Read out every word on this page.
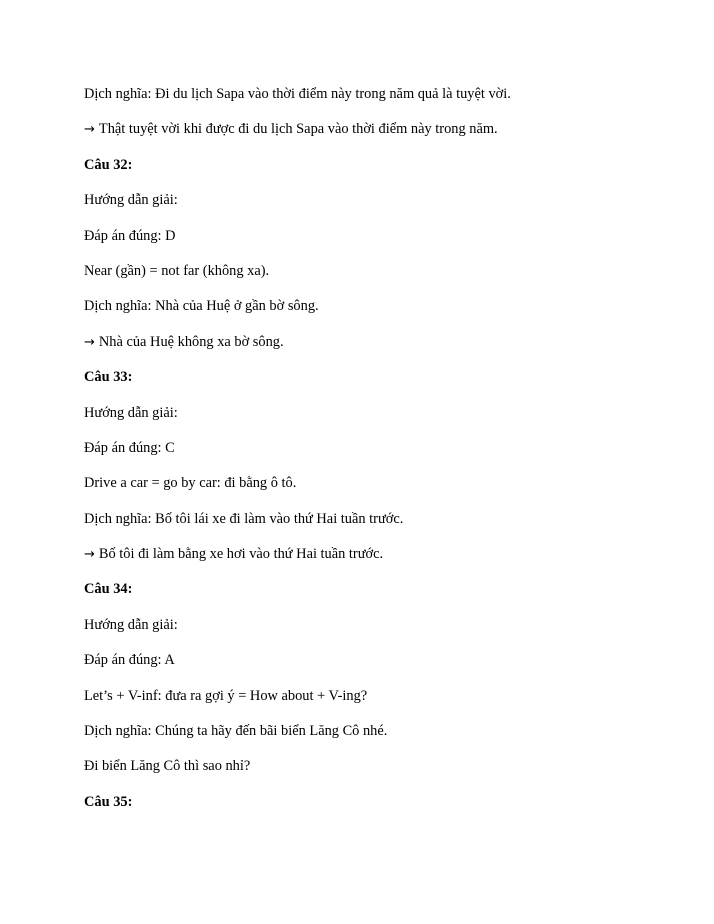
Dịch nghĩa: Đi du lịch Sapa vào thời điểm này trong năm quả là tuyệt vời.
→ Thật tuyệt vời khi được đi du lịch Sapa vào thời điểm này trong năm.
Câu 32:
Hướng dẫn giải:
Đáp án đúng: D
Near (gần) = not far (không xa).
Dịch nghĩa: Nhà của Huệ ở gần bờ sông.
→ Nhà của Huệ không xa bờ sông.
Câu 33:
Hướng dẫn giải:
Đáp án đúng: C
Drive a car = go by car: đi bằng ô tô.
Dịch nghĩa: Bố tôi lái xe đi làm vào thứ Hai tuần trước.
→ Bố tôi đi làm bằng xe hơi vào thứ Hai tuần trước.
Câu 34:
Hướng dẫn giải:
Đáp án đúng: A
Let’s + V-inf: đưa ra gợi ý = How about + V-ing?
Dịch nghĩa: Chúng ta hãy đến bãi biển Lăng Cô nhé.
Đi biển Lăng Cô thì sao nhỉ?
Câu 35:
